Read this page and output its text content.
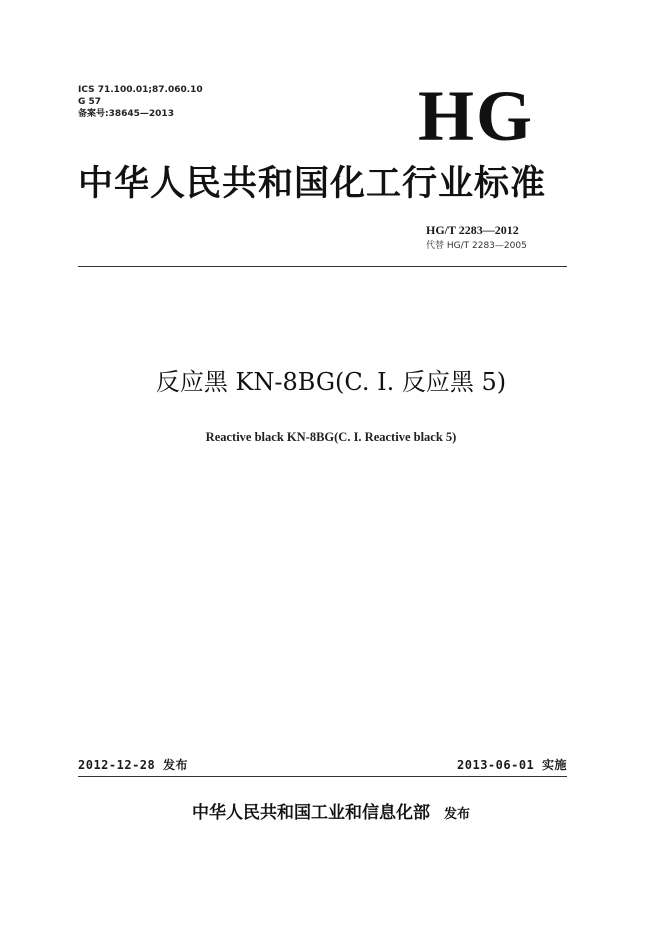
ICS 71.100.01;87.060.10
G 57
备案号:38645—2013	HG
中华人民共和国化工行业标准
HG/T 2283—2012
代替 HG/T 2283—2005
反应黑 KN-8BG(C. I. 反应黑 5)
Reactive black KN-8BG(C. I. Reactive black 5)
2012-12-28 发布	2013-06-01 实施
中华人民共和国工业和信息化部 发布
